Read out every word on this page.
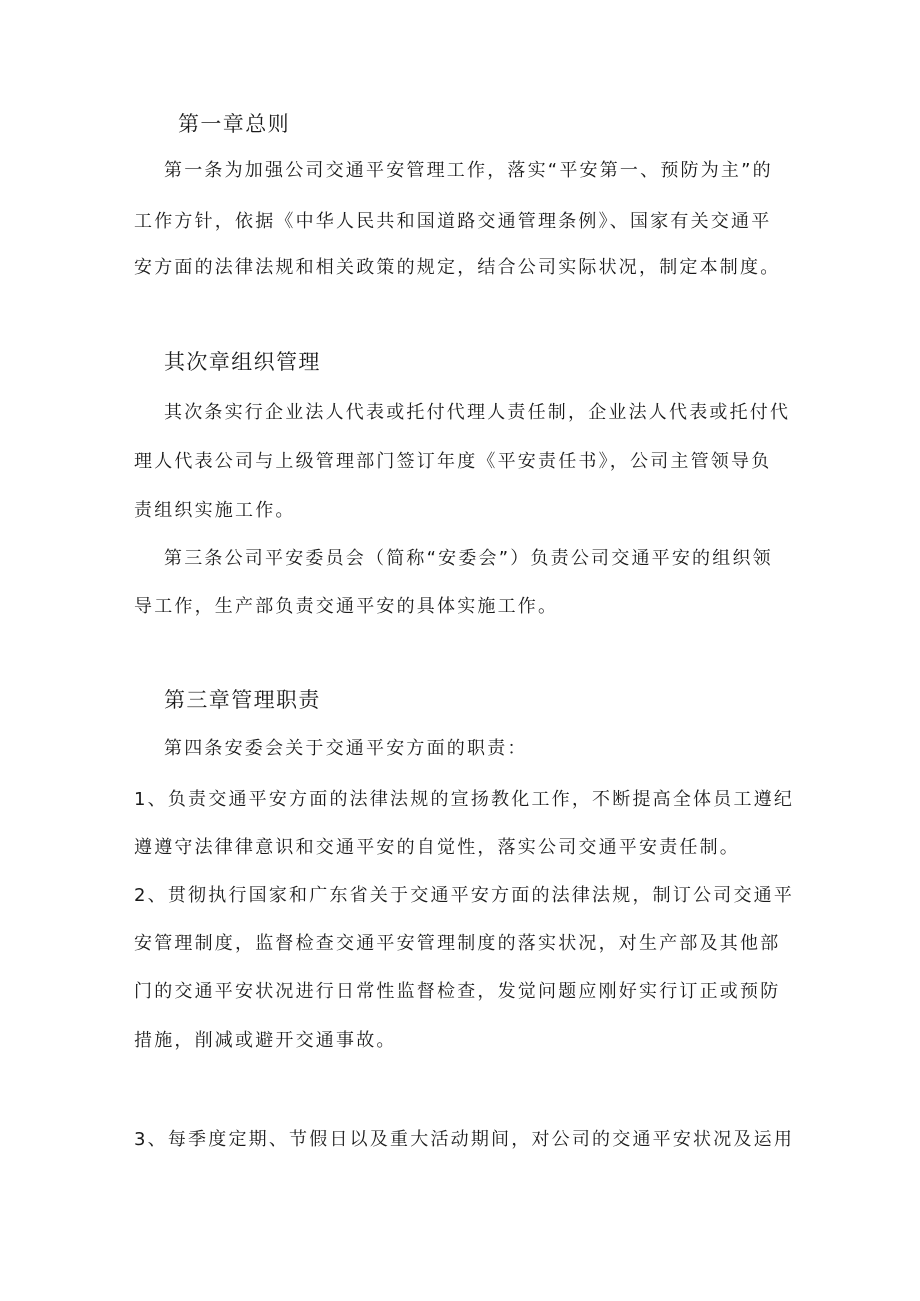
第一章总则
第一条为加强公司交通平安管理工作，落实“平安第一、预防为主”的
工作方针，依据《中华人民共和国道路交通管理条例》、国家有关交通平
安方面的法律法规和相关政策的规定，结合公司实际状况，制定本制度。
其次章组织管理
其次条实行企业法人代表或托付代理人责任制，企业法人代表或托付代
理人代表公司与上级管理部门签订年度《平安责任书》，公司主管领导负
责组织实施工作。
第三条公司平安委员会（简称“安委会”）负责公司交通平安的组织领
导工作，生产部负责交通平安的具体实施工作。
第三章管理职责
第四条安委会关于交通平安方面的职责：
1、负责交通平安方面的法律法规的宣扬教化工作，不断提高全体员工遵纪
遵遵守法律律意识和交通平安的自觉性，落实公司交通平安责任制。
2、贯彻执行国家和广东省关于交通平安方面的法律法规，制订公司交通平
安管理制度，监督检查交通平安管理制度的落实状况，对生产部及其他部
门的交通平安状况进行日常性监督检查，发觉问题应刚好实行订正或预防
措施，削减或避开交通事故。
3、每季度定期、节假日以及重大活动期间，对公司的交通平安状况及运用
